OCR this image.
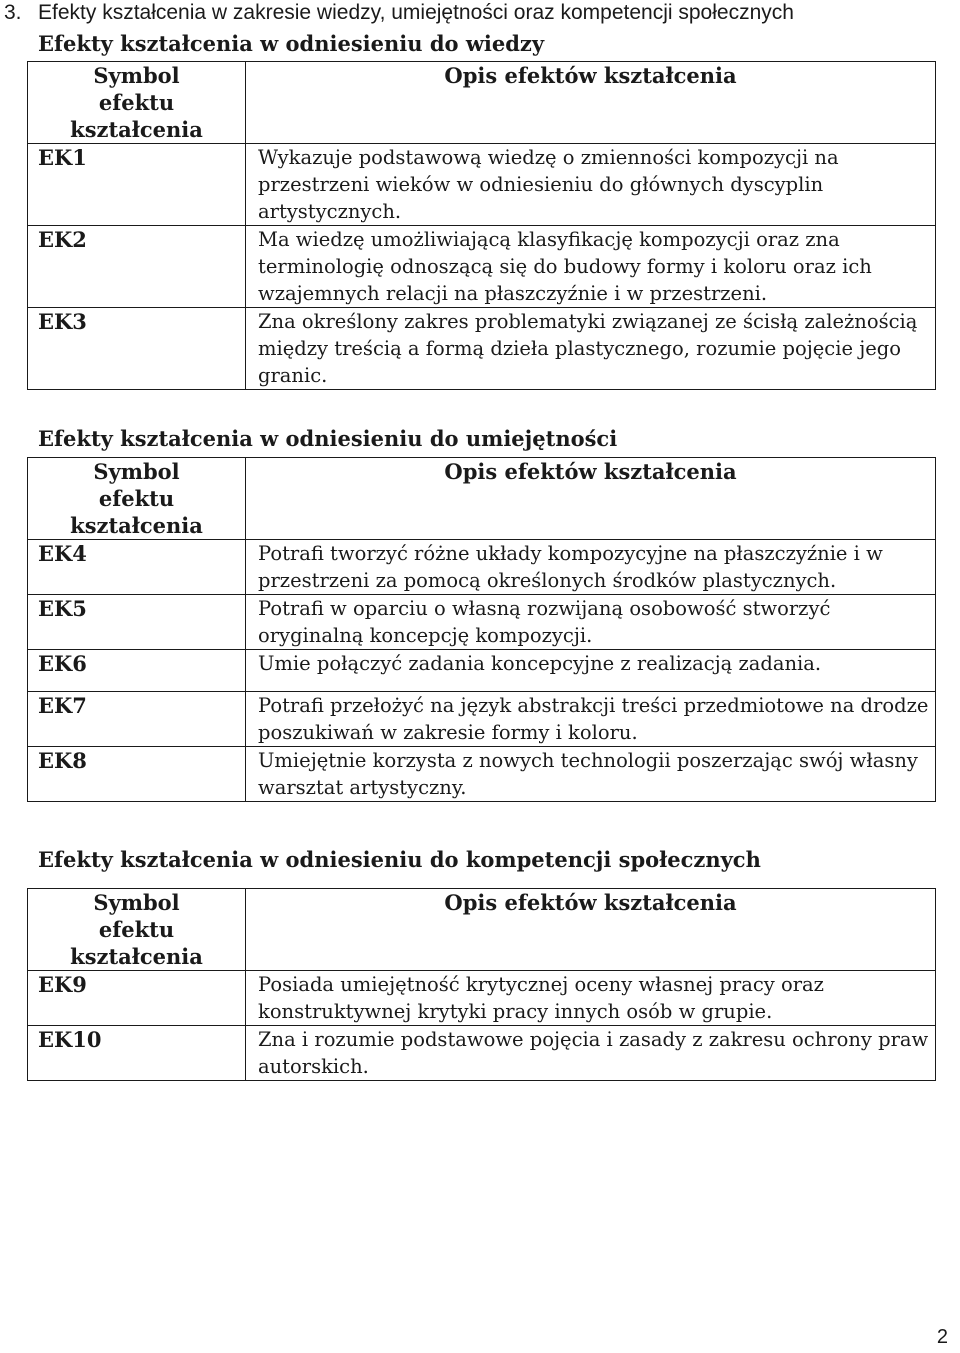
3. Efekty kształcenia w zakresie wiedzy, umiejętności oraz kompetencji społecznych
Efekty kształcenia w odniesieniu do wiedzy
Symbol efektu kształcenia	Opis efektów kształcenia
EK1	Wykazuje podstawową wiedzę o zmienności kompozycji na przestrzeni wieków w odniesieniu do głównych dyscyplin artystycznych.
EK2	Ma wiedzę umożliwiającą klasyfikację kompozycji oraz zna terminologię odnoszącą się do budowy formy i koloru oraz ich wzajemnych relacji na płaszczyźnie i w przestrzeni.
EK3	Zna określony zakres problematyki związanej ze ścisłą zależnością między treścią a formą dzieła plastycznego, rozumie pojęcie jego granic.
Efekty kształcenia w odniesieniu do umiejętności
Symbol efektu kształcenia	Opis efektów kształcenia
EK4	Potrafi tworzyć różne układy kompozycyjne na płaszczyźnie i w przestrzeni za pomocą określonych środków plastycznych.
EK5	Potrafi w oparciu o własną rozwijaną osobowość stworzyć oryginalną koncepcję kompozycji.
EK6	Umie połączyć zadania koncepcyjne z realizacją zadania.
EK7	Potrafi przełożyć na język abstrakcji treści przedmiotowe na drodze poszukiwań w zakresie formy i koloru.
EK8	Umiejętnie korzysta z nowych technologii poszerzając swój własny warsztat artystyczny.
Efekty kształcenia w odniesieniu do kompetencji społecznych
Symbol efektu kształcenia	Opis efektów kształcenia
EK9	Posiada umiejętność krytycznej oceny własnej pracy oraz konstruktywnej krytyki pracy innych osób w grupie.
EK10	Zna i rozumie podstawowe pojęcia i zasady z zakresu ochrony praw autorskich.
2
